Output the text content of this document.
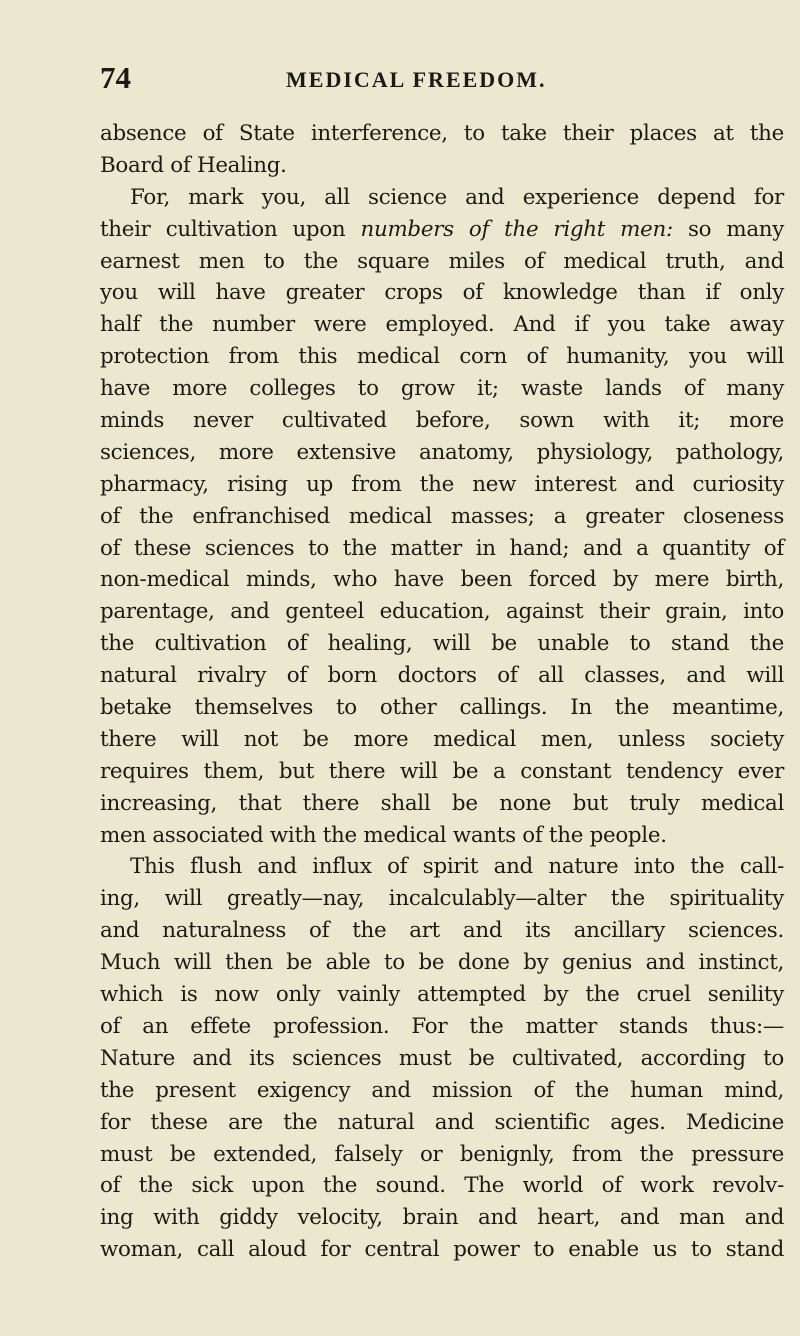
74	MEDICAL FREEDOM.
absence of State interference, to take their places at the
Board of Healing.
For, mark you, all science and experience depend for
their cultivation upon numbers of the right men: so many
earnest men to the square miles of medical truth, and
you will have greater crops of knowledge than if only
half the number were employed. And if you take away
protection from this medical corn of humanity, you will
have more colleges to grow it; waste lands of many
minds never cultivated before, sown with it; more
sciences, more extensive anatomy, physiology, pathology,
pharmacy, rising up from the new interest and curiosity
of the enfranchised medical masses; a greater closeness
of these sciences to the matter in hand; and a quantity of
non-medical minds, who have been forced by mere birth,
parentage, and genteel education, against their grain, into
the cultivation of healing, will be unable to stand the
natural rivalry of born doctors of all classes, and will
betake themselves to other callings. In the meantime,
there will not be more medical men, unless society
requires them, but there will be a constant tendency ever
increasing, that there shall be none but truly medical
men associated with the medical wants of the people.
This flush and influx of spirit and nature into the call-
ing, will greatly—nay, incalculably—alter the spirituality
and naturalness of the art and its ancillary sciences.
Much will then be able to be done by genius and instinct,
which is now only vainly attempted by the cruel senility
of an effete profession. For the matter stands thus:—
Nature and its sciences must be cultivated, according to
the present exigency and mission of the human mind,
for these are the natural and scientific ages. Medicine
must be extended, falsely or benignly, from the pressure
of the sick upon the sound. The world of work revolv-
ing with giddy velocity, brain and heart, and man and
woman, call aloud for central power to enable us to stand
